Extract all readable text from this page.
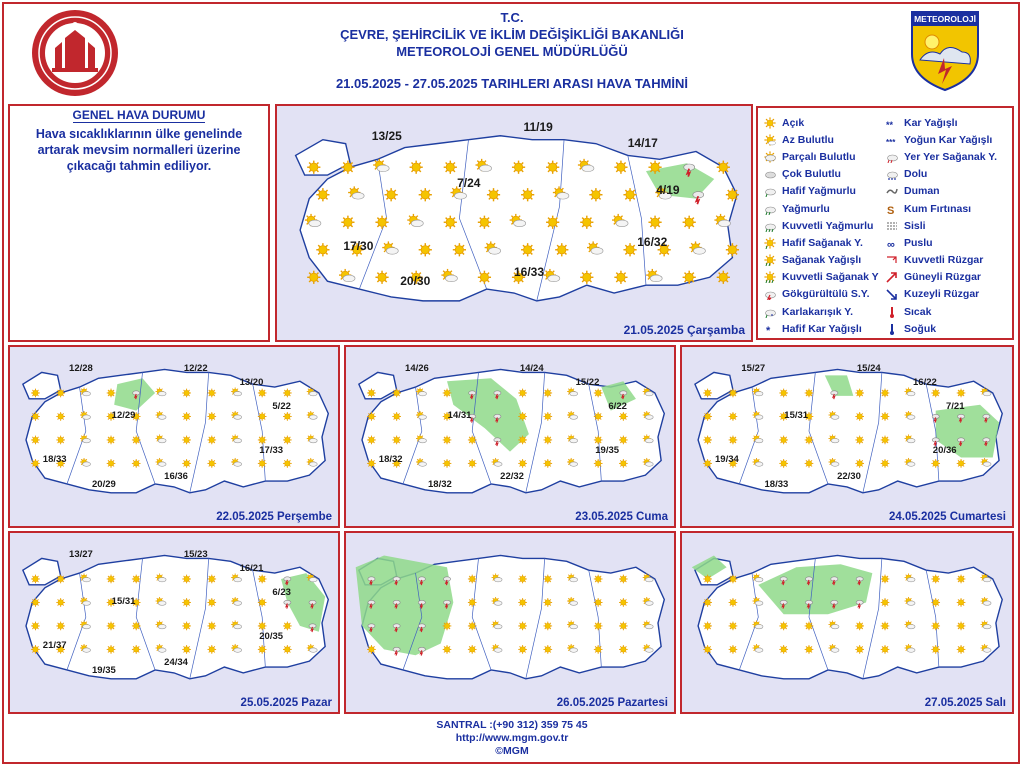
METEOROLOJİ
T.C.
ÇEVRE, ŞEHİRCİLİK VE İKLİM DEĞİŞİKLİĞİ BAKANLIĞI
METEOROLOJİ GENEL MÜDÜRLÜĞÜ
21.05.2025 - 27.05.2025 TARIHLERI ARASI HAVA TAHMİNİ
GENEL HAVA DURUMU
Hava sıcaklıklarının ülke genelinde artarak mevsim normalleri üzerine çıkacağı tahmin ediliyor.
13/25
11/19
14/17
4/19
7/24
17/30	16/32
20/30
16/33
21.05.2025 Çarşamba
12/28	12/22
13/20
12/29
5/22
18/33
17/33
16/36
20/29
22.05.2025 Perşembe
14/26	14/24
15/22
14/31
6/22
18/32
19/35
22/32
18/32
23.05.2025 Cuma
15/27	15/24
16/22
15/31
7/21
19/34
20/36
22/30
18/33
24.05.2025 Cumartesi
13/27	15/23
16/21
15/31
6/23
21/37
20/35
24/34
19/35
25.05.2025 Pazar	26.05.2025 Pazartesi	27.05.2025 Salı
Açık
Az Bulutlu
Parçalı Bulutlu
Çok Bulutlu
Hafif Yağmurlu
Yağmurlu
Kuvvetli Yağmurlu
Hafif Sağanak Y.
Sağanak Yağışlı
Kuvvetli Sağanak Y
Gökgürültülü S.Y.
* Karlakarışık Y.
* Hafif Kar Yağışlı
** Kar Yağışlı
*** Yoğun Kar Yağışlı
Yer Yer Sağanak Y.
Dolu
Duman
S Kum Fırtınası
Sisli
∞ Puslu
Kuvvetli Rüzgar
Güneyli Rüzgar
Kuzeyli Rüzgar
Sıcak
Soğuk
SANTRAL :(+90 312) 359 75 45
http://www.mgm.gov.tr
©MGM
